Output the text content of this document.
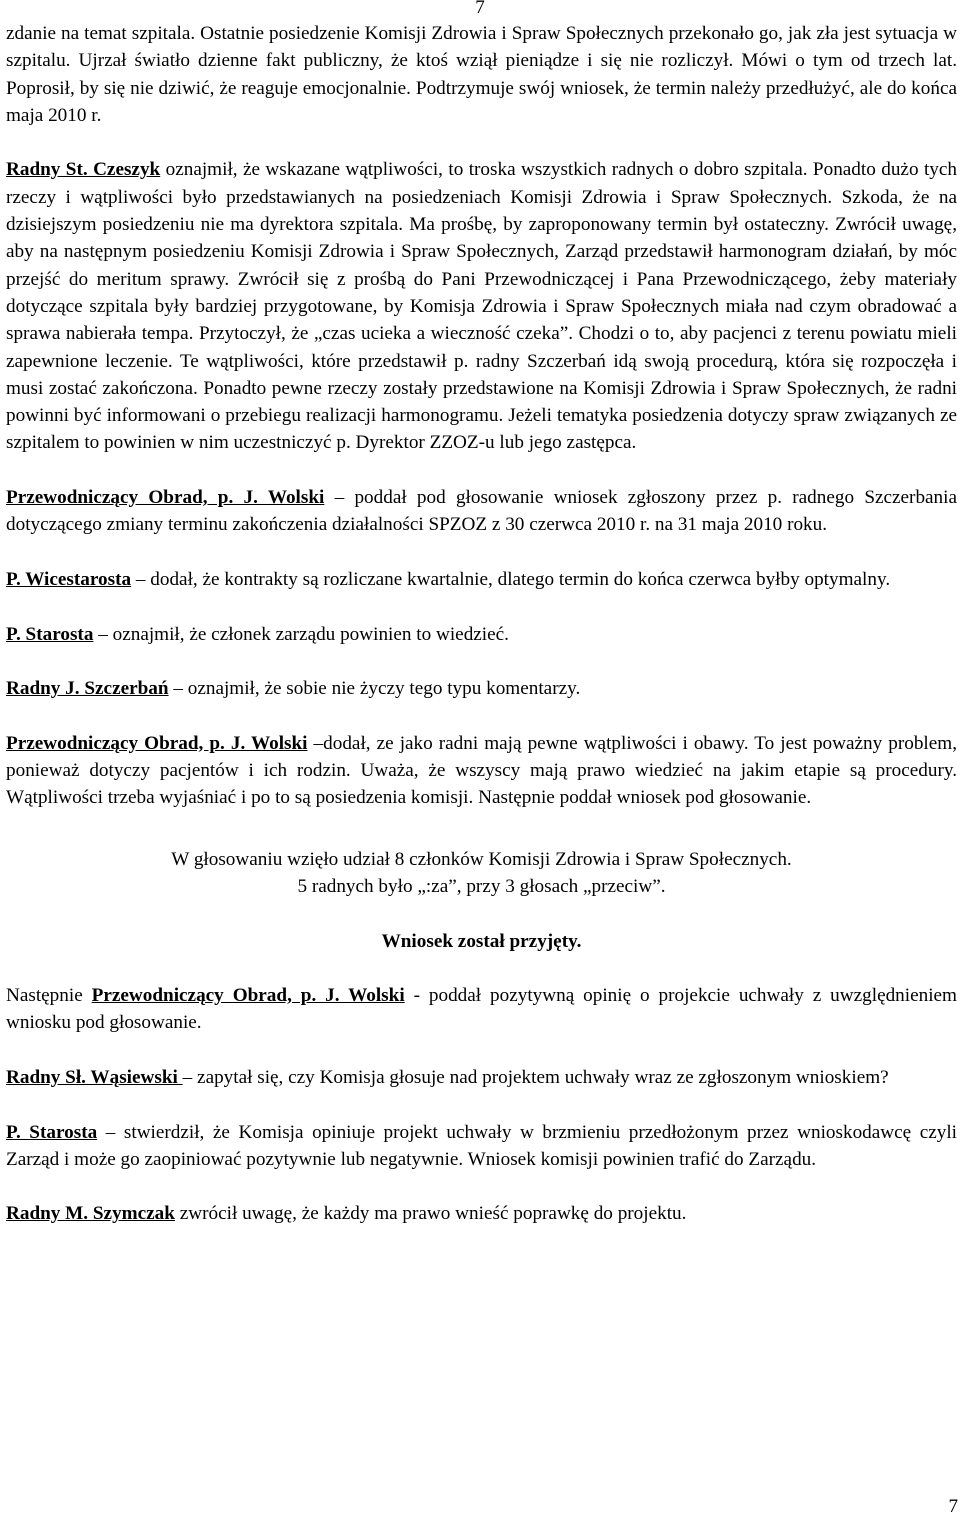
7

zdanie na temat szpitala. Ostatnie posiedzenie Komisji Zdrowia i Spraw Społecznych przekonało go, jak zła jest sytuacja w szpitalu. Ujrzał światło dzienne fakt publiczny, że ktoś wziął pieniądze i się nie rozliczył. Mówi o tym od trzech lat. Poprosił, by się nie dziwić, że reaguje emocjonalnie. Podtrzymuje swój wniosek, że termin należy przedłużyć, ale do końca maja 2010 r.

Radny St. Czeszyk oznajmił, że wskazane wątpliwości, to troska wszystkich radnych o dobro szpitala. Ponadto dużo tych rzeczy i wątpliwości było przedstawianych na posiedzeniach Komisji Zdrowia i Spraw Społecznych. Szkoda, że na dzisiejszym posiedzeniu nie ma dyrektora szpitala. Ma prośbę, by zaproponowany termin był ostateczny. Zwrócił uwagę, aby na następnym posiedzeniu Komisji Zdrowia i Spraw Społecznych, Zarząd przedstawił harmonogram działań, by móc przejść do meritum sprawy. Zwrócił się z prośbą do Pani Przewodniczącej i Pana Przewodniczącego, żeby materiały dotyczące szpitala były bardziej przygotowane, by Komisja Zdrowia i Spraw Społecznych miała nad czym obradować a sprawa nabierała tempa. Przytoczył, że „czas ucieka a wieczność czeka”. Chodzi o to, aby pacjenci z terenu powiatu mieli zapewnione leczenie. Te wątpliwości, które przedstawił p. radny Szczerbań idą swoją procedurą, która się rozpoczęła i musi zostać zakończona. Ponadto pewne rzeczy zostały przedstawione na Komisji Zdrowia i Spraw Społecznych, że radni powinni być informowani o przebiegu realizacji harmonogramu. Jeżeli tematyka posiedzenia dotyczy spraw związanych ze szpitalem to powinien w nim uczestniczyć p. Dyrektor ZZOZ-u lub jego zastępca.

Przewodniczący Obrad, p. J. Wolski – poddał pod głosowanie wniosek zgłoszony przez p. radnego Szczerbania dotyczącego zmiany terminu zakończenia działalności SPZOZ z 30 czerwca 2010 r. na 31 maja 2010 roku.

P. Wicestarosta – dodał, że kontrakty są rozliczane kwartalnie, dlatego termin do końca czerwca byłby optymalny.

P. Starosta – oznajmił, że członek zarządu powinien to wiedzieć.

Radny J. Szczerbań – oznajmił, że sobie nie życzy tego typu komentarzy.

Przewodniczący Obrad, p. J. Wolski –dodał, ze jako radni mają pewne wątpliwości i obawy. To jest poważny problem, ponieważ dotyczy pacjentów i ich rodzin. Uważa, że wszyscy mają prawo wiedzieć na jakim etapie są procedury. Wątpliwości trzeba wyjaśniać i po to są posiedzenia komisji. Następnie poddał wniosek pod głosowanie.

W głosowaniu wzięło udział 8 członków Komisji Zdrowia i Spraw Społecznych.
5 radnych było „:za”, przy 3 głosach „przeciw”.
Wniosek został przyjęty.

Następnie Przewodniczący Obrad, p. J. Wolski - poddał pozytywną opinię o projekcie uchwały z uwzględnieniem wniosku pod głosowanie.

Radny Sł. Wąsiewski – zapytał się, czy Komisja głosuje nad projektem uchwały wraz ze zgłoszonym wnioskiem?

P. Starosta – stwierdził, że Komisja opiniuje projekt uchwały w brzmieniu przedłożonym przez wnioskodawcę czyli Zarząd i może go zaopiniować pozytywnie lub negatywnie. Wniosek komisji powinien trafić do Zarządu.

Radny M. Szymczak zwrócił uwagę, że każdy ma prawo wnieść poprawkę do projektu.

7
